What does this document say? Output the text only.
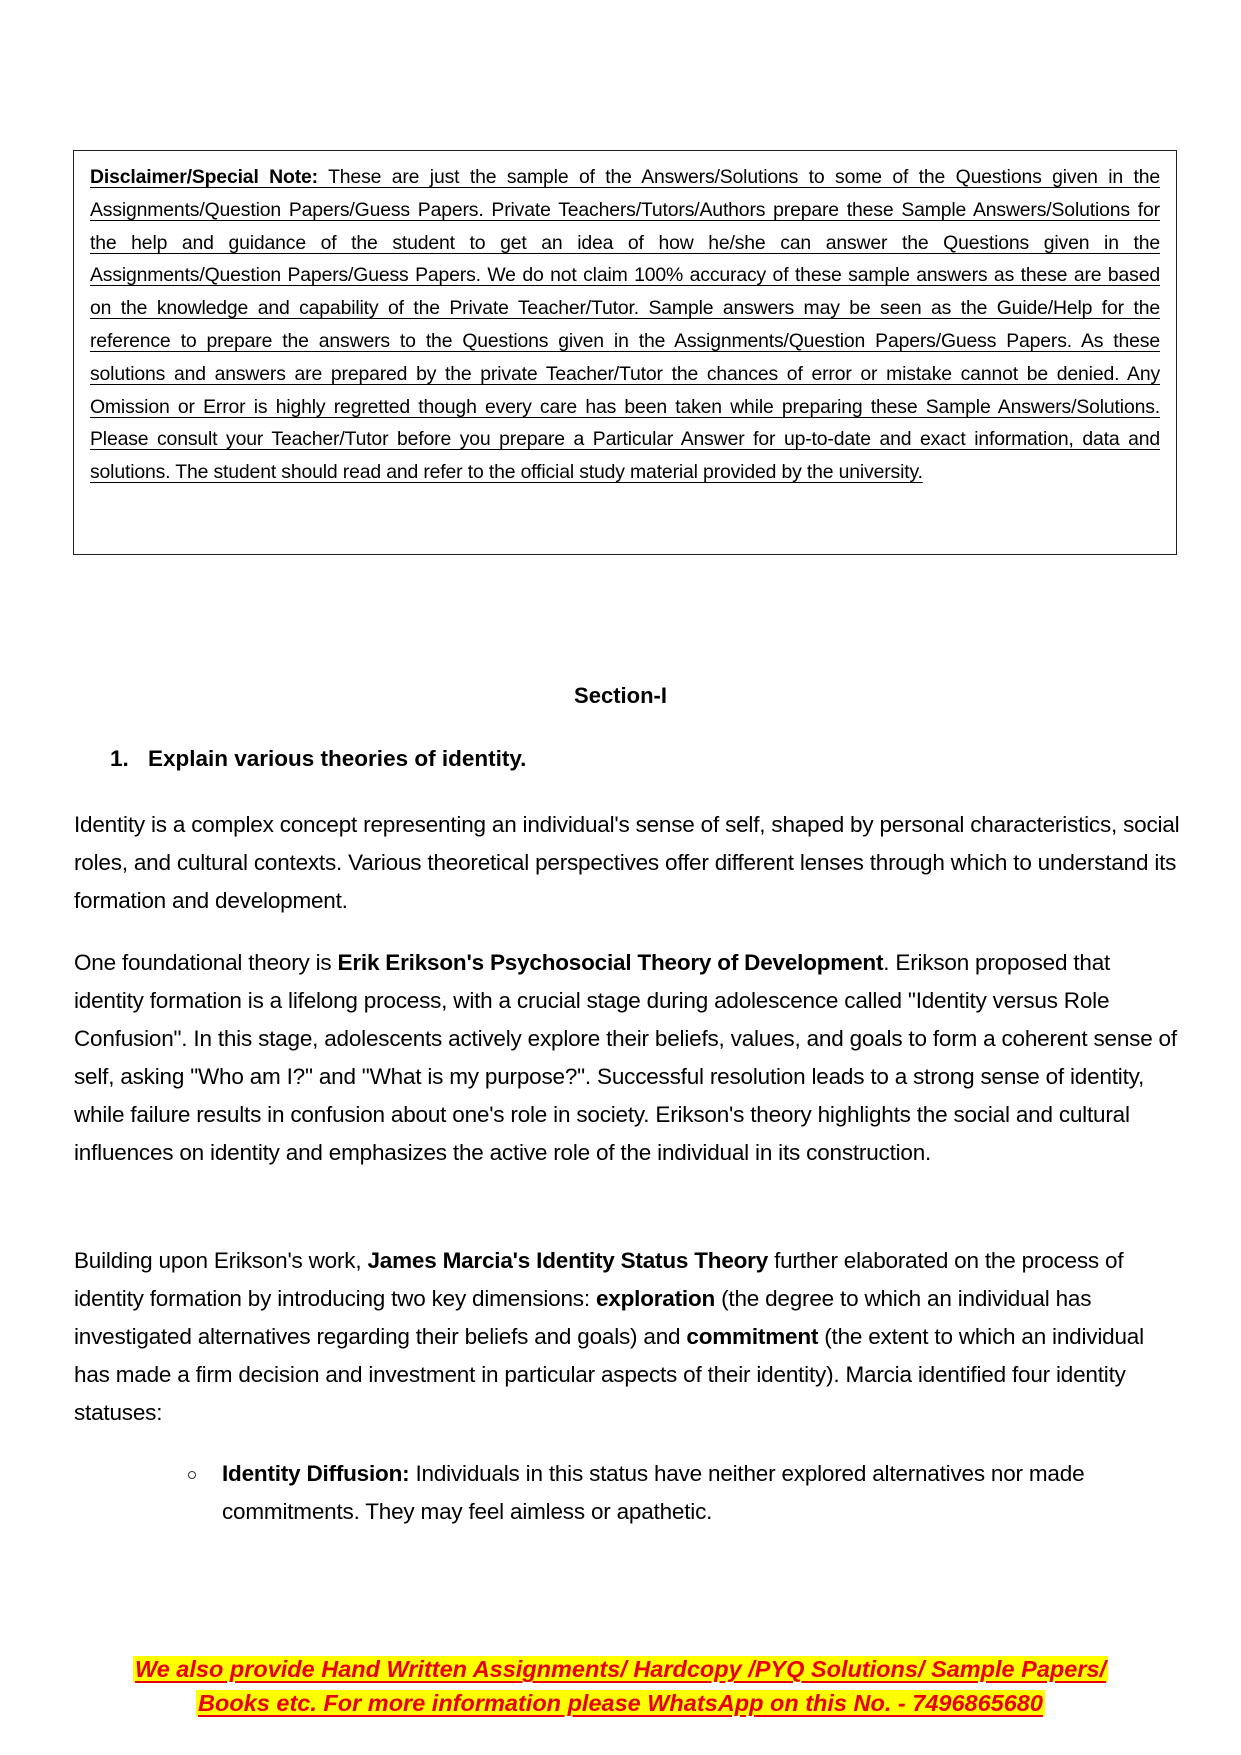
Disclaimer/Special Note: These are just the sample of the Answers/Solutions to some of the Questions given in the Assignments/Question Papers/Guess Papers. Private Teachers/Tutors/Authors prepare these Sample Answers/Solutions for the help and guidance of the student to get an idea of how he/she can answer the Questions given in the Assignments/Question Papers/Guess Papers. We do not claim 100% accuracy of these sample answers as these are based on the knowledge and capability of the Private Teacher/Tutor. Sample answers may be seen as the Guide/Help for the reference to prepare the answers to the Questions given in the Assignments/Question Papers/Guess Papers. As these solutions and answers are prepared by the private Teacher/Tutor the chances of error or mistake cannot be denied. Any Omission or Error is highly regretted though every care has been taken while preparing these Sample Answers/Solutions. Please consult your Teacher/Tutor before you prepare a Particular Answer for up-to-date and exact information, data and solutions. The student should read and refer to the official study material provided by the university.

Section-I
1. Explain various theories of identity.

Identity is a complex concept representing an individual's sense of self, shaped by personal characteristics, social roles, and cultural contexts. Various theoretical perspectives offer different lenses through which to understand its formation and development.

One foundational theory is Erik Erikson's Psychosocial Theory of Development. Erikson proposed that identity formation is a lifelong process, with a crucial stage during adolescence called "Identity versus Role Confusion". In this stage, adolescents actively explore their beliefs, values, and goals to form a coherent sense of self, asking "Who am I?" and "What is my purpose?". Successful resolution leads to a strong sense of identity, while failure results in confusion about one's role in society. Erikson's theory highlights the social and cultural influences on identity and emphasizes the active role of the individual in its construction.

Building upon Erikson's work, James Marcia's Identity Status Theory further elaborated on the process of identity formation by introducing two key dimensions: exploration (the degree to which an individual has investigated alternatives regarding their beliefs and goals) and commitment (the extent to which an individual has made a firm decision and investment in particular aspects of their identity). Marcia identified four identity statuses:

Identity Diffusion: Individuals in this status have neither explored alternatives nor made commitments. They may feel aimless or apathetic.
We also provide Hand Written Assignments/ Hardcopy /PYQ Solutions/ Sample Papers/
Books etc. For more information please WhatsApp on this No. - 7496865680
